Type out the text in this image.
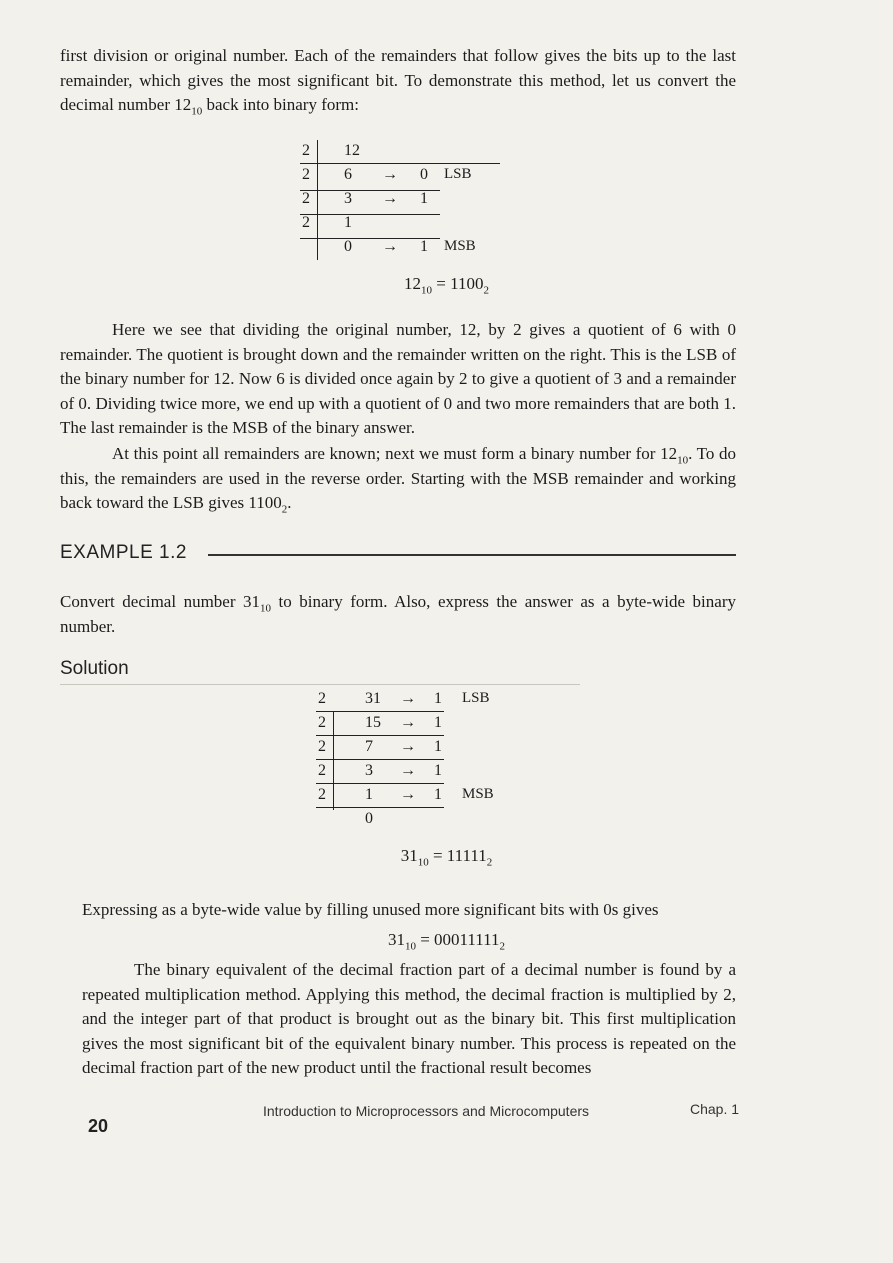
first division or original number. Each of the remainders that follow gives the bits up to the last remainder, which gives the most significant bit. To demonstrate this method, let us convert the decimal number $12_{10}$ back into binary form:

2 12
2 6 → 0 LSB
2 3 → 1
2 1
0 → 1 MSB
$12_{10} = 1100_2$

Here we see that dividing the original number, 12, by 2 gives a quotient of 6 with 0 remainder. The quotient is brought down and the remainder written on the right. This is the LSB of the binary number for 12. Now 6 is divided once again by 2 to give a quotient of 3 and a remainder of 0. Dividing twice more, we end up with a quotient of 0 and two more remainders that are both 1. The last remainder is the MSB of the binary answer.

At this point all remainders are known; next we must form a binary number for $12_{10}$. To do this, the remainders are used in the reverse order. Starting with the MSB remainder and working back toward the LSB gives $1100_2$.

EXAMPLE 1.2

Convert decimal number $31_{10}$ to binary form. Also, express the answer as a byte-wide binary number.

Solution
2 31 → 1 LSB
2 15 → 1
2 7 → 1
2 3 → 1
2 1 → 1 MSB
0
$31_{10} = 11111_2$

Expressing as a byte-wide value by filling unused more significant bits with 0s gives

$31_{10} = 00011111_2$

The binary equivalent of the decimal fraction part of a decimal number is found by a repeated multiplication method. Applying this method, the decimal fraction is multiplied by 2, and the integer part of that product is brought out as the binary bit. This first multiplication gives the most significant bit of the equivalent binary number. This process is repeated on the decimal fraction part of the new product until the fractional result becomes

20
Introduction to Microprocessors and Microcomputers	Chap. 1
